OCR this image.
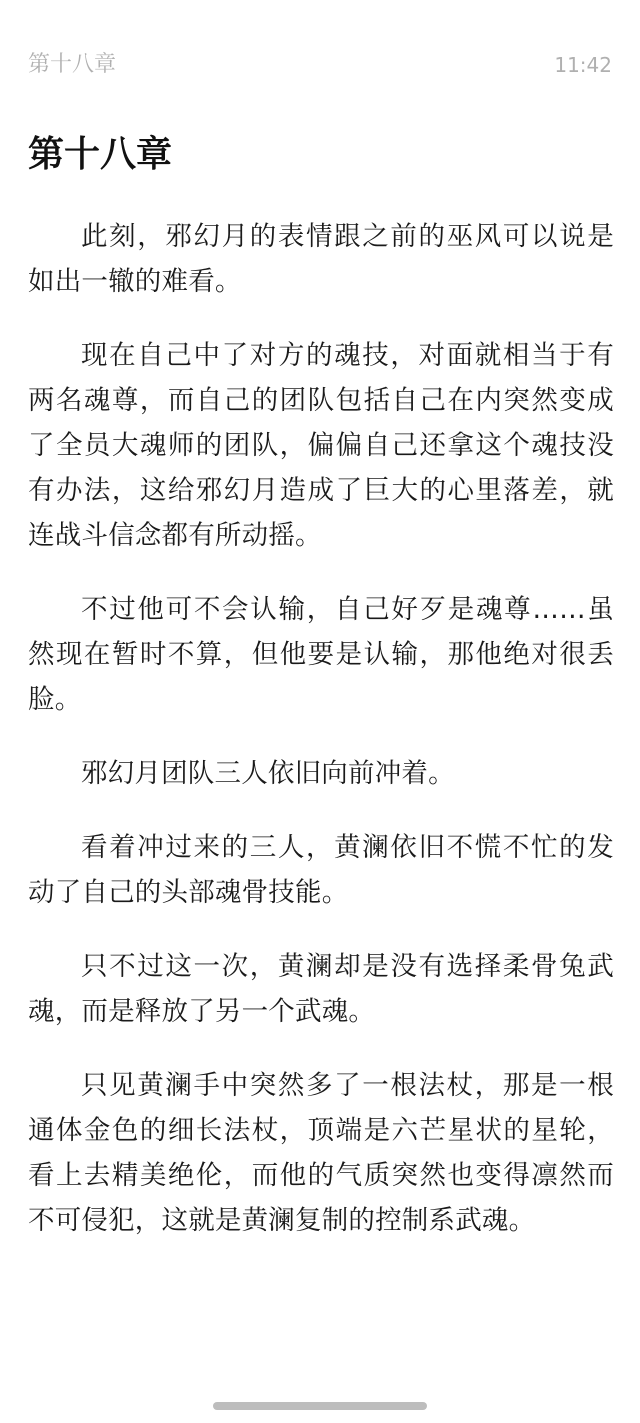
第十八章	11:42
第十八章

此刻，邪幻月的表情跟之前的巫风可以说是如出一辙的难看。

现在自己中了对方的魂技，对面就相当于有两名魂尊，而自己的团队包括自己在内突然变成了全员大魂师的团队，偏偏自己还拿这个魂技没有办法，这给邪幻月造成了巨大的心里落差，就连战斗信念都有所动摇。

不过他可不会认输，自己好歹是魂尊……虽然现在暂时不算，但他要是认输，那他绝对很丢脸。

邪幻月团队三人依旧向前冲着。

看着冲过来的三人，黄澜依旧不慌不忙的发动了自己的头部魂骨技能。

只不过这一次，黄澜却是没有选择柔骨兔武魂，而是释放了另一个武魂。

只见黄澜手中突然多了一根法杖，那是一根通体金色的细长法杖，顶端是六芒星状的星轮，看上去精美绝伦，而他的气质突然也变得凛然而不可侵犯，这就是黄澜复制的控制系武魂。
